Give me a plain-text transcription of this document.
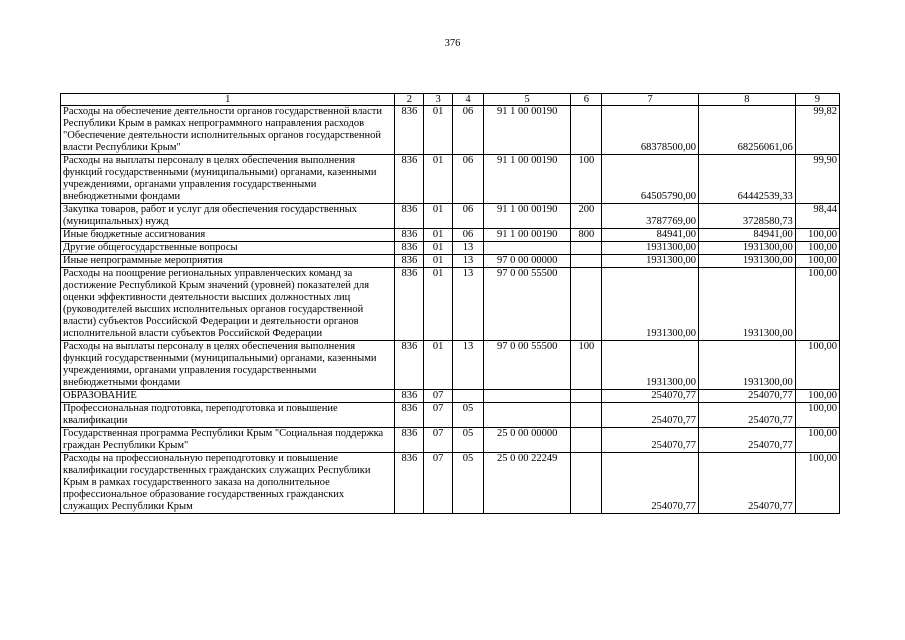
376
1	2	3	4	5	6	7	8	9
Расходы на обеспечение деятельности органов государственной власти Республики Крым в рамках непрограммного направления расходов "Обеспечение деятельности исполнительных органов государственной власти Республики Крым"	836	01	06	91 1 00 00190		68378500,00	68256061,06	99,82
Расходы на выплаты персоналу в целях обеспечения выполнения функций государственными (муниципальными) органами, казенными учреждениями, органами управления государственными внебюджетными фондами	836	01	06	91 1 00 00190	100	64505790,00	64442539,33	99,90
Закупка товаров, работ и услуг для обеспечения государственных (муниципальных) нужд	836	01	06	91 1 00 00190	200	3787769,00	3728580,73	98,44
Иные бюджетные ассигнования	836	01	06	91 1 00 00190	800	84941,00	84941,00	100,00
Другие общегосударственные вопросы	836	01	13			1931300,00	1931300,00	100,00
Иные непрограммные мероприятия	836	01	13	97 0 00 00000		1931300,00	1931300,00	100,00
Расходы на поощрение региональных управленческих команд за достижение Республикой Крым значений (уровней) показателей для оценки эффективности деятельности высших должностных лиц (руководителей высших исполнительных органов государственной власти) субъектов Российской Федерации и деятельности органов исполнительной власти субъектов Российской Федерации	836	01	13	97 0 00 55500		1931300,00	1931300,00	100,00
Расходы на выплаты персоналу в целях обеспечения выполнения функций государственными (муниципальными) органами, казенными учреждениями, органами управления государственными внебюджетными фондами	836	01	13	97 0 00 55500	100	1931300,00	1931300,00	100,00
ОБРАЗОВАНИЕ	836	07				254070,77	254070,77	100,00
Профессиональная подготовка, переподготовка и повышение квалификации	836	07	05			254070,77	254070,77	100,00
Государственная программа Республики Крым "Социальная поддержка граждан Республики Крым"	836	07	05	25 0 00 00000		254070,77	254070,77	100,00
Расходы на профессиональную переподготовку и повышение квалификации государственных гражданских служащих Республики Крым в рамках государственного заказа на дополнительное профессиональное образование государственных гражданских служащих Республики Крым	836	07	05	25 0 00 22249		254070,77	254070,77	100,00
